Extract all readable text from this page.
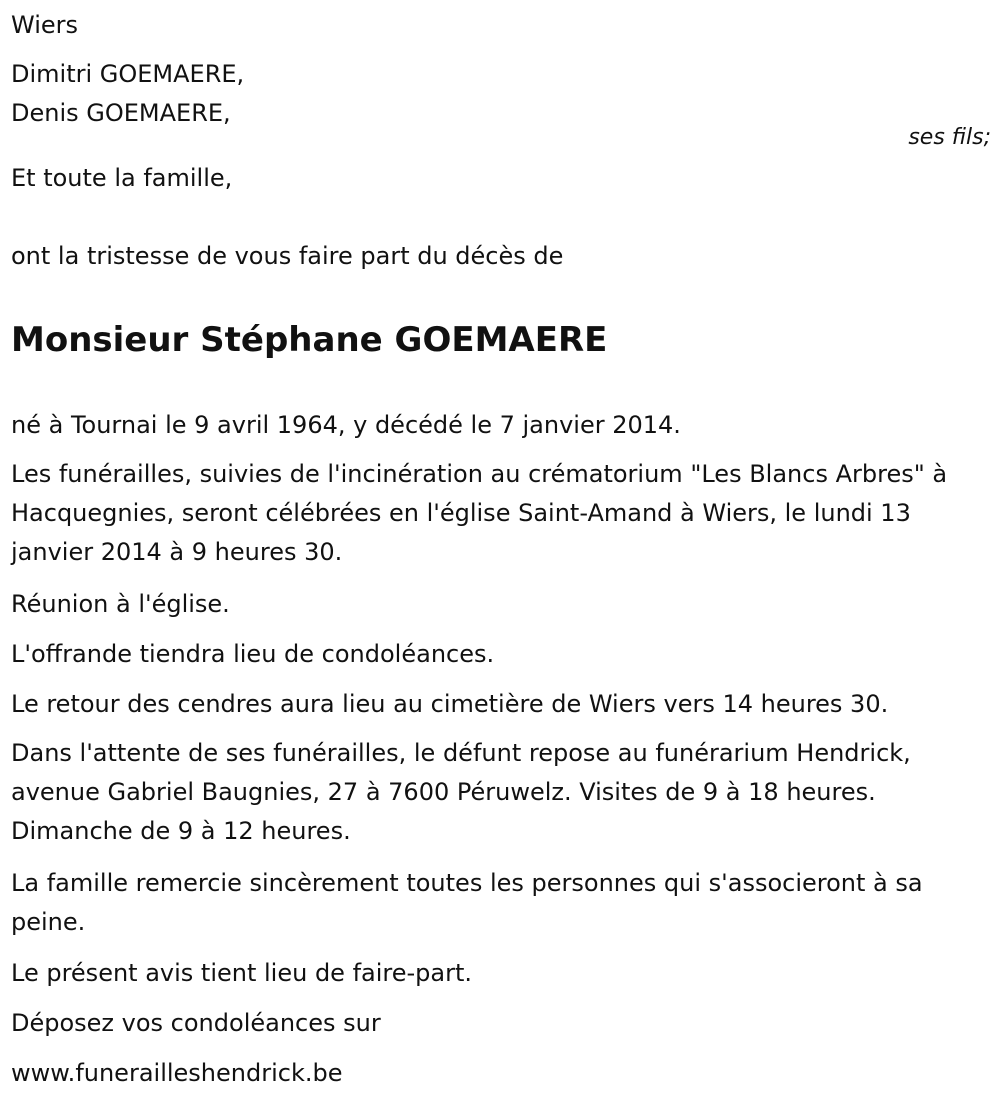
Wiers
Dimitri GOEMAERE,
Denis GOEMAERE,
ses fils;
Et toute la famille,
ont la tristesse de vous faire part du décès de
Monsieur Stéphane GOEMAERE
né à Tournai le 9 avril 1964, y décédé le 7 janvier 2014.
Les funérailles, suivies de l'incinération au crématorium "Les Blancs Arbres" à Hacquegnies, seront célébrées en l'église Saint-Amand à Wiers, le lundi 13 janvier 2014 à 9 heures 30.
Réunion à l'église.
L'offrande tiendra lieu de condoléances.
Le retour des cendres aura lieu au cimetière de Wiers vers 14 heures 30.
Dans l'attente de ses funérailles, le défunt repose au funérarium Hendrick, avenue Gabriel Baugnies, 27 à 7600 Péruwelz. Visites de 9 à 18 heures. Dimanche de 9 à 12 heures.
La famille remercie sincèrement toutes les personnes qui s'associeront à sa peine.
Le présent avis tient lieu de faire-part.
Déposez vos condoléances sur
www.funerailleshendrick.be
